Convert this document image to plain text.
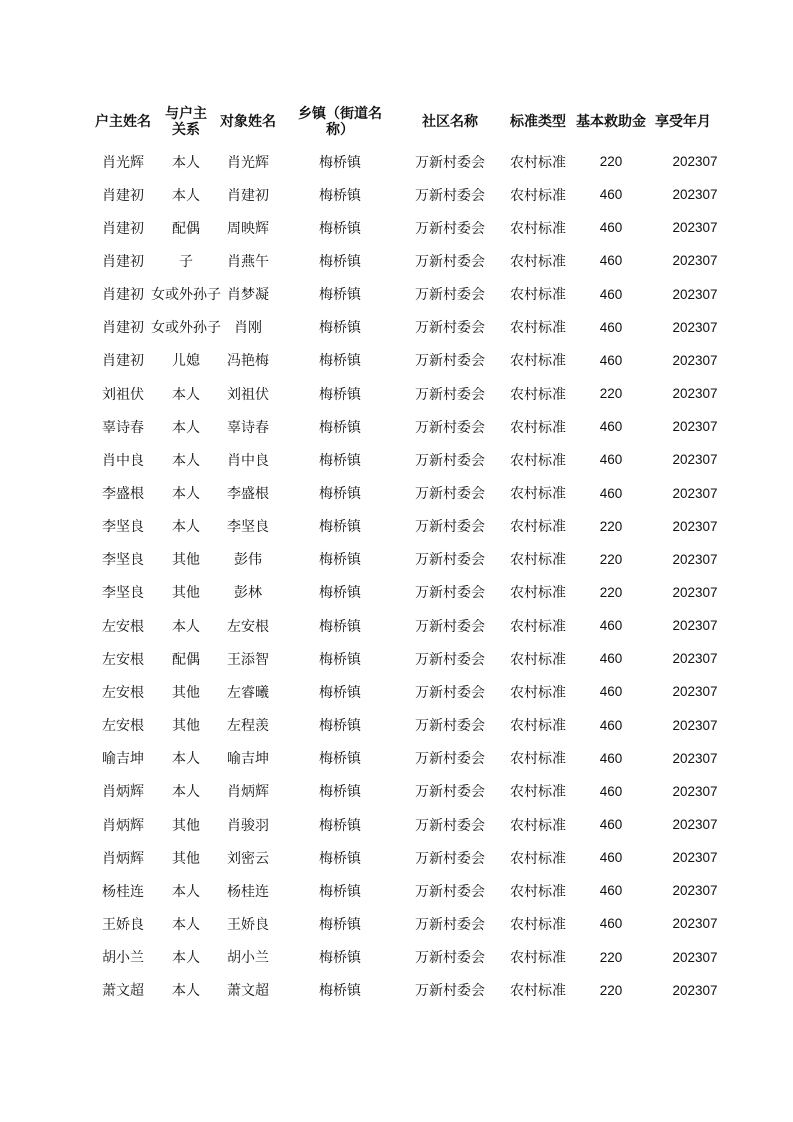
户主姓名	与户主关系	对象姓名	乡镇（街道名称）	社区名称	标准类型 基本救助金 享受年月
肖光辉	本人	肖光辉	梅桥镇	万新村委会	农村标准	220	202307
肖建初	本人	肖建初	梅桥镇	万新村委会	农村标准	460	202307
肖建初	配偶	周映辉	梅桥镇	万新村委会	农村标准	460	202307
肖建初	子	肖燕午	梅桥镇	万新村委会	农村标准	460	202307
肖建初 女或外孙子 肖梦凝	梅桥镇	万新村委会	农村标准	460	202307
肖建初 女或外孙子 肖刚	梅桥镇	万新村委会	农村标准	460	202307
肖建初	儿媳	冯艳梅	梅桥镇	万新村委会	农村标准	460	202307
刘祖伏	本人	刘祖伏	梅桥镇	万新村委会	农村标准	220	202307
辜诗春	本人	辜诗春	梅桥镇	万新村委会	农村标准	460	202307
肖中良	本人	肖中良	梅桥镇	万新村委会	农村标准	460	202307
李盛根	本人	李盛根	梅桥镇	万新村委会	农村标准	460	202307
李坚良	本人	李坚良	梅桥镇	万新村委会	农村标准	220	202307
李坚良	其他	彭伟	梅桥镇	万新村委会	农村标准	220	202307
李坚良	其他	彭林	梅桥镇	万新村委会	农村标准	220	202307
左安根	本人	左安根	梅桥镇	万新村委会	农村标准	460	202307
左安根	配偶	王添智	梅桥镇	万新村委会	农村标准	460	202307
左安根	其他	左睿曦	梅桥镇	万新村委会	农村标准	460	202307
左安根	其他	左程羡	梅桥镇	万新村委会	农村标准	460	202307
喻吉坤	本人	喻吉坤	梅桥镇	万新村委会	农村标准	460	202307
肖炳辉	本人	肖炳辉	梅桥镇	万新村委会	农村标准	460	202307
肖炳辉	其他	肖骏羽	梅桥镇	万新村委会	农村标准	460	202307
肖炳辉	其他	刘密云	梅桥镇	万新村委会	农村标准	460	202307
杨桂连	本人	杨桂连	梅桥镇	万新村委会	农村标准	460	202307
王娇良	本人	王娇良	梅桥镇	万新村委会	农村标准	460	202307
胡小兰	本人	胡小兰	梅桥镇	万新村委会	农村标准	220	202307
萧文超	本人	萧文超	梅桥镇	万新村委会	农村标准	220	202307
